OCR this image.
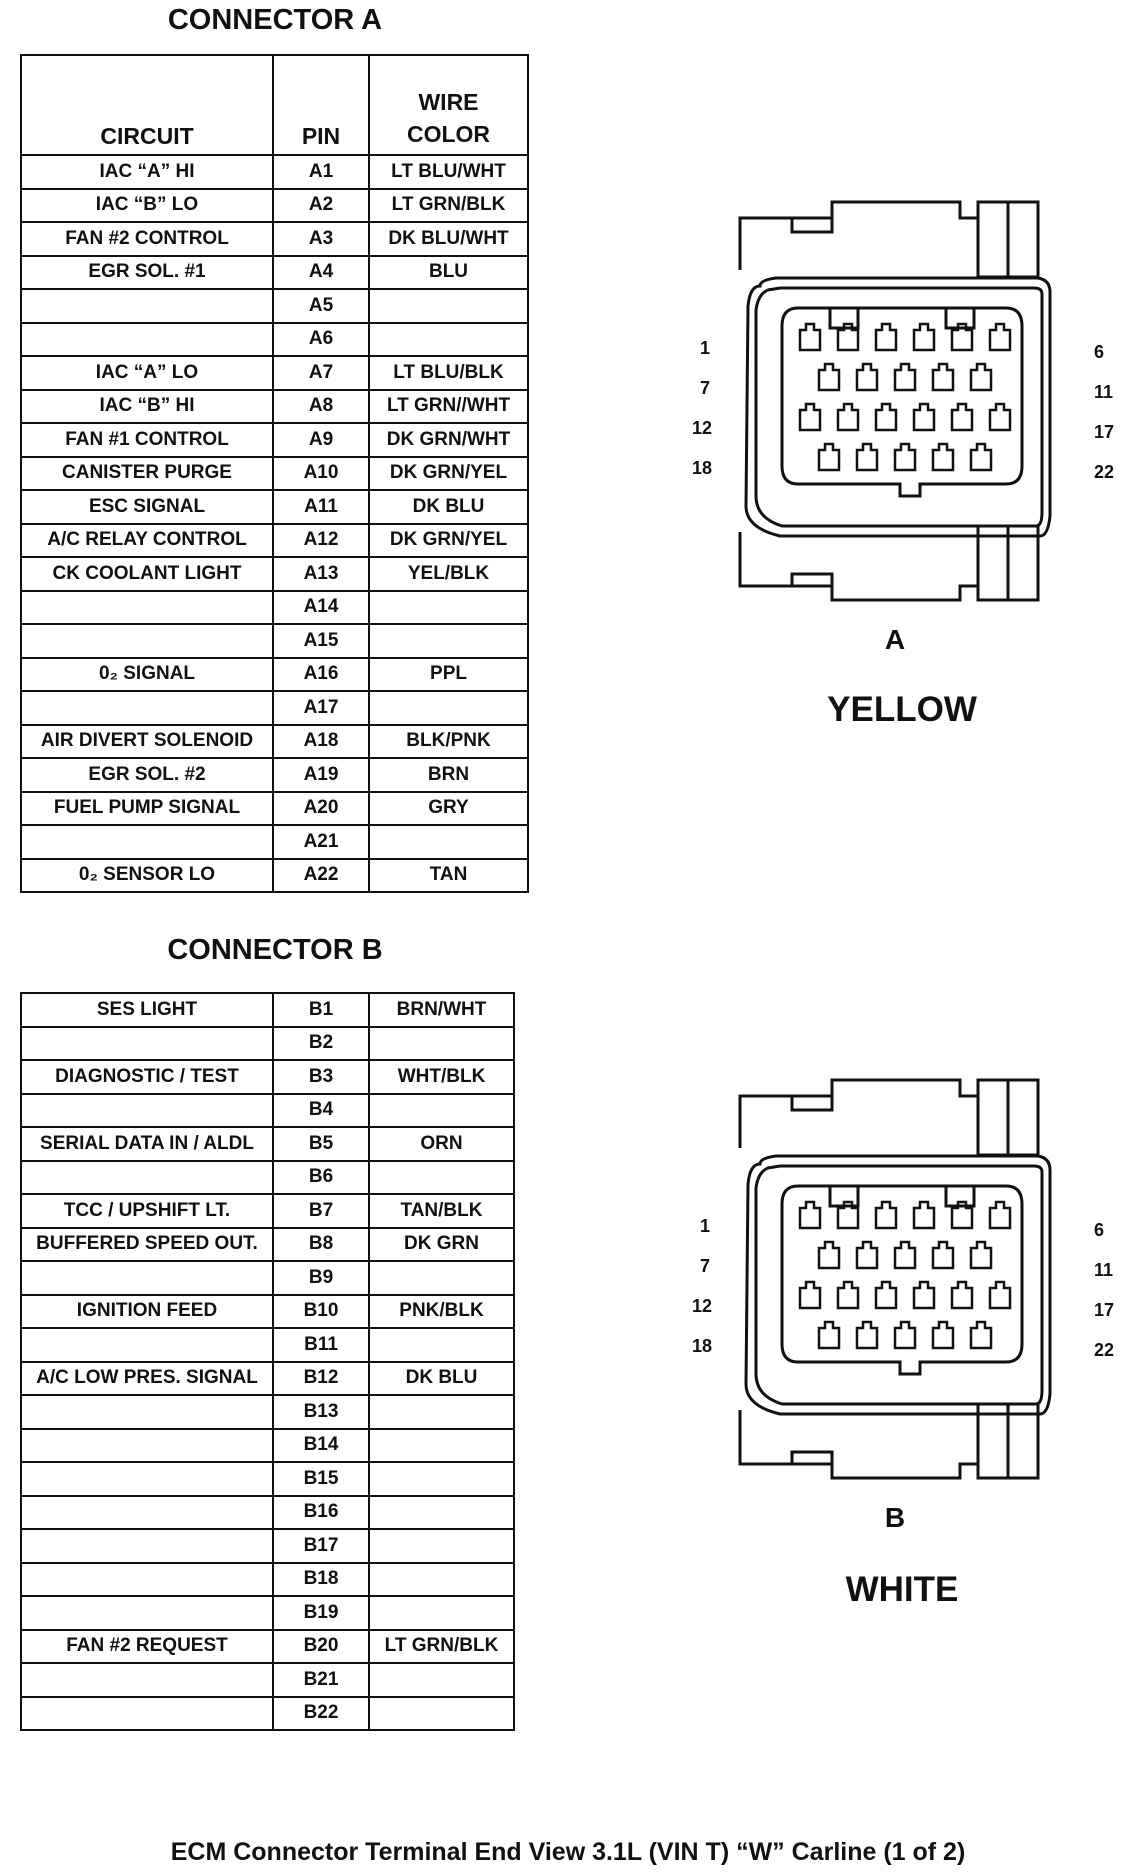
CONNECTOR A
CIRCUIT	PIN	WIRE
COLOR

IAC “A” HI	A1	LT BLU/WHT
IAC “B” LO	A2	LT GRN/BLK
FAN #2 CONTROL	A3	DK BLU/WHT
EGR SOL. #1	A4	BLU
	A5	
	A6	
IAC “A” LO	A7	LT BLU/BLK
IAC “B” HI	A8	LT GRN//WHT
FAN #1 CONTROL	A9	DK GRN/WHT
CANISTER PURGE	A10	DK GRN/YEL
ESC SIGNAL	A11	DK BLU
A/C RELAY CONTROL	A12	DK GRN/YEL
CK COOLANT LIGHT	A13	YEL/BLK
	A14	
	A15	
0₂ SIGNAL	A16	PPL
	A17	
AIR DIVERT SOLENOID	A18	BLK/PNK
EGR SOL. #2	A19	BRN
FUEL PUMP SIGNAL	A20	GRY
	A21	
0₂ SENSOR LO	A22	TAN
CONNECTOR B
SES LIGHT	B1	BRN/WHT
	B2	
DIAGNOSTIC / TEST	B3	WHT/BLK
	B4	
SERIAL DATA IN / ALDL	B5	ORN
	B6	
TCC / UPSHIFT LT.	B7	TAN/BLK
BUFFERED SPEED OUT.	B8	DK GRN
	B9	
IGNITION FEED	B10	PNK/BLK
	B11	
A/C LOW PRES. SIGNAL	B12	DK BLU
	B13	
	B14	
	B15	
	B16	
	B17	
	B18	
	B19	
FAN #2 REQUEST	B20	LT GRN/BLK
	B21	
	B22	
1
7
12
18
6
11
17
22
A
YELLOW
1
7
12
18
6
11
17
22
B
WHITE
ECM Connector Terminal End View 3.1L (VIN T) “W” Carline (1 of 2)
